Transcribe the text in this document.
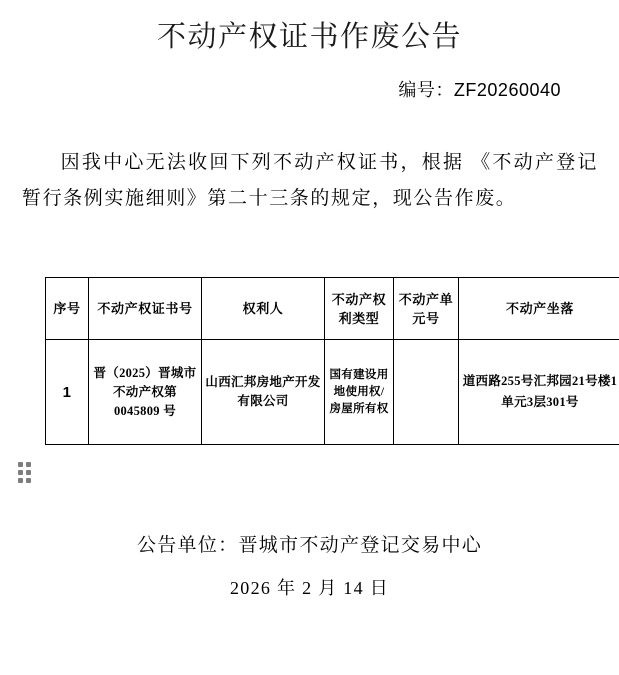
不动产权证书作废公告
编号：ZF20260040
因我中心无法收回下列不动产权证书，根据 《不动产登记暂行条例实施细则》第二十三条的规定，现公告作废。
序号	不动产权证书号	权利人	不动产权利类型	不动产单元号	不动产坐落
1	晋（2025）晋城市不动产权第 0045809 号	山西汇邦房地产开发有限公司	国有建设用地使用权/房屋所有权		道西路255号汇邦园21号楼1单元3层301号
公告单位：晋城市不动产登记交易中心
2026 年 2 月 14 日
